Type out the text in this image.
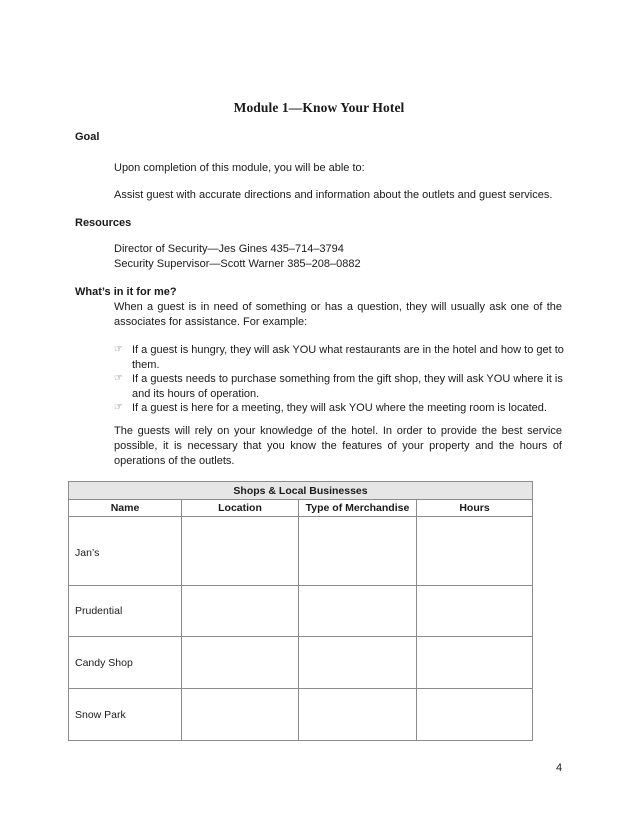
Module 1—Know Your Hotel
Goal
Upon completion of this module, you will be able to:
Assist guest with accurate directions and information about the outlets and guest services.
Resources
Director of Security—Jes Gines 435–714–3794
Security Supervisor—Scott Warner 385–208–0882
What’s in it for me?
When a guest is in need of something or has a question, they will usually ask one of the associates for assistance. For example:
☞ If a guest is hungry, they will ask YOU what restaurants are in the hotel and how to get to them.
☞ If a guests needs to purchase something from the gift shop, they will ask YOU where it is and its hours of operation.
☞ If a guest is here for a meeting, they will ask YOU where the meeting room is located.
The guests will rely on your knowledge of the hotel. In order to provide the best service possible, it is necessary that you know the features of your property and the hours of operations of the outlets.
Shops & Local Businesses			
Name	Location	Type of Merchandise	Hours
Jan’s			
Prudential			
Candy Shop			
Snow Park			
4
